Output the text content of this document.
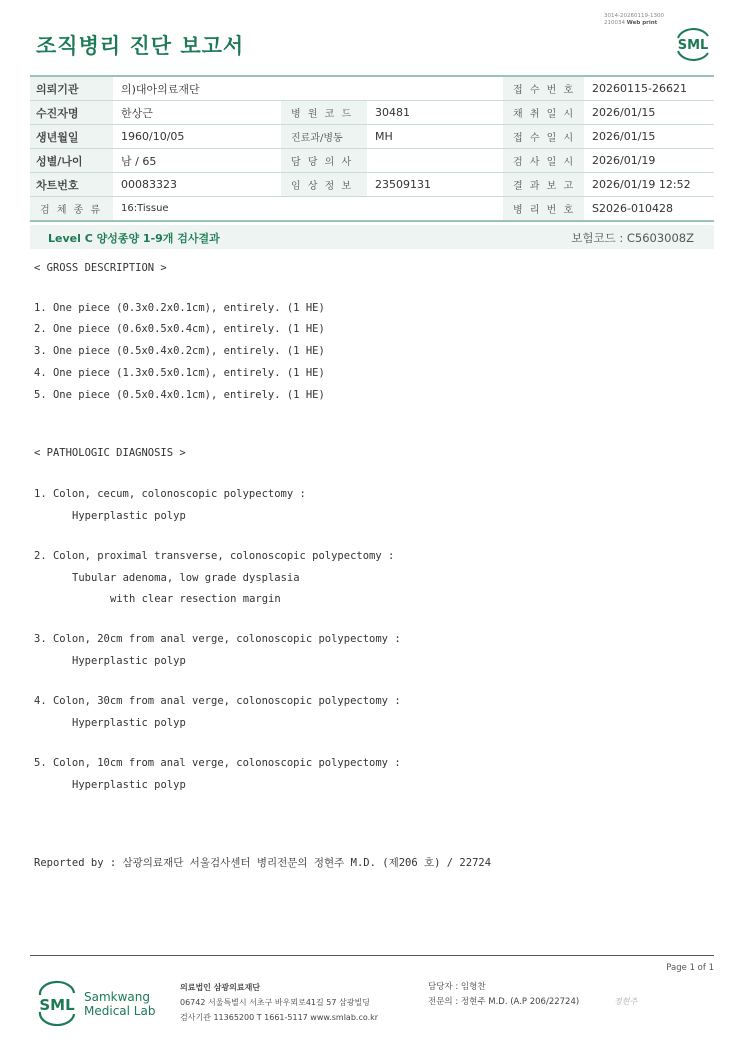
조직병리 진단 보고서
3014-20260119-1300
210034 Web print
SML
의뢰기관	의)대아의료재단			접 수 번 호	20260115-26621
수진자명	한상근	병 원 코 드	30481	채 취 일 시	2026/01/15
생년월일	1960/10/05	진료과/병동	MH	접 수 일 시	2026/01/15
성별/나이	남 / 65	담 당 의 사		검 사 일 시	2026/01/19
차트번호	00083323	임 상 정 보	23509131	결 과 보 고	2026/01/19 12:52
검 체 종 류	16:Tissue			병 리 번 호	S2026-010428
Level C 양성종양 1-9개 검사결과	보험코드 : C5603008Z
< GROSS DESCRIPTION >
1. One piece (0.3x0.2x0.1cm), entirely. (1 HE)
2. One piece (0.6x0.5x0.4cm), entirely. (1 HE)
3. One piece (0.5x0.4x0.2cm), entirely. (1 HE)
4. One piece (1.3x0.5x0.1cm), entirely. (1 HE)
5. One piece (0.5x0.4x0.1cm), entirely. (1 HE)
< PATHOLOGIC DIAGNOSIS >
1. Colon, cecum, colonoscopic polypectomy :
Hyperplastic polyp
2. Colon, proximal transverse, colonoscopic polypectomy :
Tubular adenoma, low grade dysplasia
with clear resection margin
3. Colon, 20cm from anal verge, colonoscopic polypectomy :
Hyperplastic polyp
4. Colon, 30cm from anal verge, colonoscopic polypectomy :
Hyperplastic polyp
5. Colon, 10cm from anal verge, colonoscopic polypectomy :
Hyperplastic polyp
Reported by : 삼광의료재단 서울검사센터 병리전문의 정현주 M.D. (제206 호) / 22724
Page 1 of 1
SML Samkwang
Medical Lab
의료법인 삼광의료재단
06742 서울특별시 서초구 바우뫼로41길 57 삼광빌딩
검사기관 11365200 T 1661-5117 www.smlab.co.kr
담당자 : 임형찬
전문의 : 정현주 M.D. (A.P 206/22724)	정현주
